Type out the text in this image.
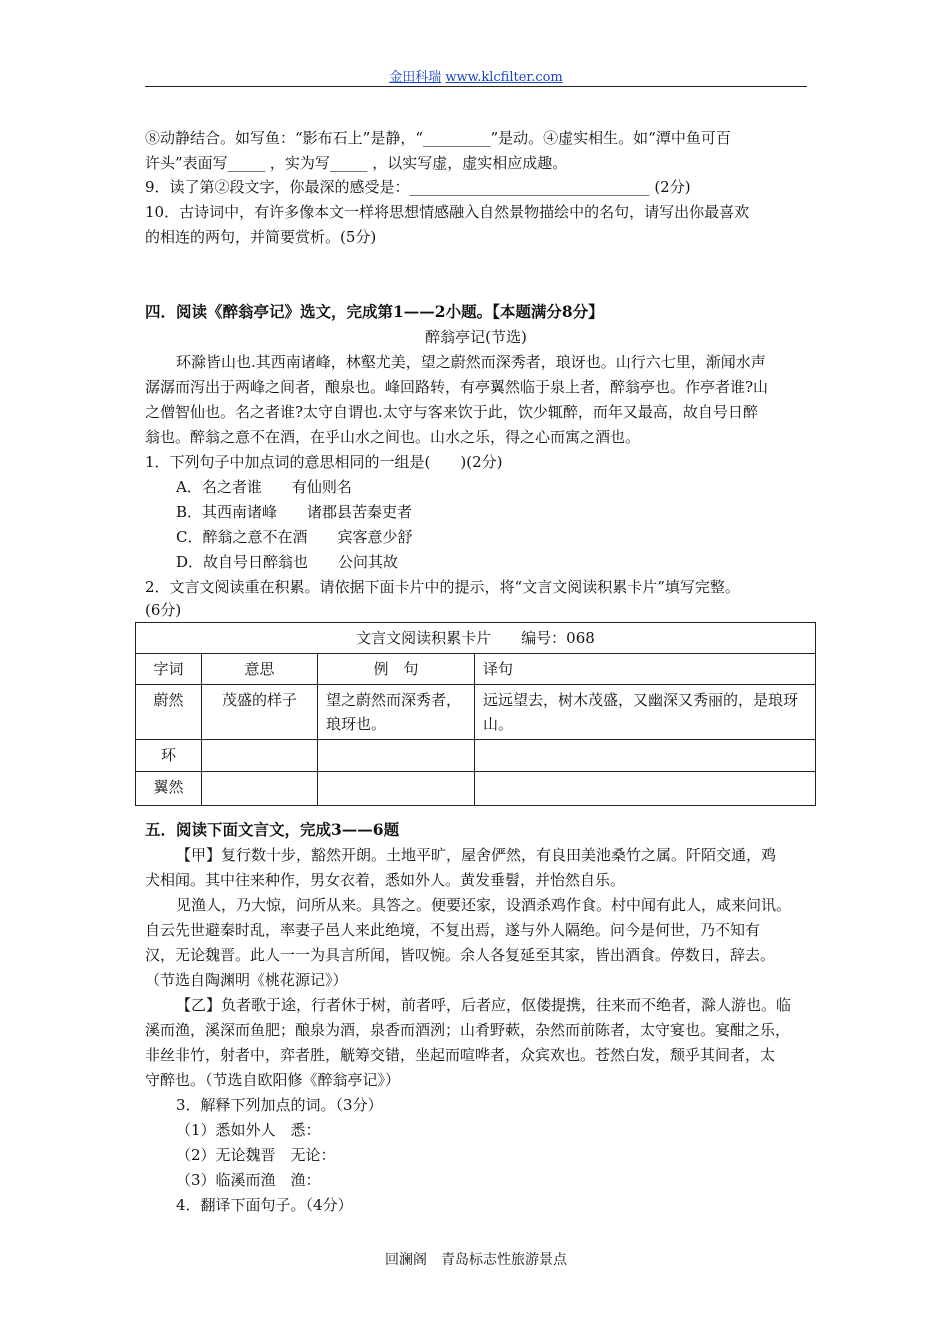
金田科瑞 www.klcfilter.com
⑧动静结合。如写鱼：“影布石上”是静，“_________”是动。④虚实相生。如“潭中鱼可百
许头”表面写_____ ，实为写_____ ，以实写虚，虚实相应成趣。
9．读了第②段文字，你最深的感受是：________________________________ (2分)
10．古诗词中，有许多像本文一样将思想情感融入自然景物描绘中的名句，请写出你最喜欢
的相连的两句，并简要赏析。(5分)
四．阅读《醉翁亭记》选文，完成第1——2小题。【本题满分8分】
醉翁亭记(节选)
环滁皆山也.其西南诸峰，林壑尤美，望之蔚然而深秀者，琅讶也。山行六七里，渐闻水声
潺潺而泻出于两峰之间者，酿泉也。峰回路转，有亭翼然临于泉上者，醉翁亭也。作亭者谁?山
之僧智仙也。名之者谁?太守自谓也.太守与客来饮于此，饮少辄醉，而年又最高，故自号日醉
翁也。醉翁之意不在酒，在乎山水之间也。山水之乐，得之心而寓之酒也。
1．下列句子中加点词的意思相同的一组是(　　)(2分)
A．名之者谁　　有仙则名
B．其西南诸峰　　诸郡县苦秦吏者
C．醉翁之意不在酒　　宾客意少舒
D．故自号日醉翁也　　公问其故
2．文言文阅读重在积累。请依据下面卡片中的提示，将“文言文阅读积累卡片”填写完整。
(6分)
文言文阅读积累卡片　　编号：068			
字词	意思	例　句	译句
蔚然	茂盛的样子	望之蔚然而深秀者，琅玡也。	远远望去，树木茂盛，又幽深又秀丽的，是琅玡山。
环			
翼然			
五．阅读下面文言文，完成3——6题
【甲】复行数十步，豁然开朗。土地平旷，屋舍俨然，有良田美池桑竹之属。阡陌交通，鸡
犬相闻。其中往来种作，男女衣着，悉如外人。黄发垂髫，并怡然自乐。
见渔人，乃大惊，问所从来。具答之。便要还家，设酒杀鸡作食。村中闻有此人，咸来问讯。
自云先世避秦时乱，率妻子邑人来此绝境，不复出焉，遂与外人隔绝。问今是何世，乃不知有
汉，无论魏晋。此人一一为具言所闻，皆叹惋。余人各复延至其家，皆出酒食。停数日，辞去。
（节选自陶渊明《桃花源记》）
【乙】负者歌于途，行者休于树，前者呼，后者应，伛偻提携，往来而不绝者，滁人游也。临
溪而渔，溪深而鱼肥；酿泉为酒，泉香而酒洌；山肴野蔌，杂然而前陈者，太守宴也。宴酣之乐，
非丝非竹，射者中，弈者胜，觥筹交错，坐起而喧哗者，众宾欢也。苍然白发，颓乎其间者，太
守醉也。（节选自欧阳修《醉翁亭记》）
3．解释下列加点的词。（3分）
（1）悉如外人　悉：
（2）无论魏晋　无论：
（3）临溪而渔　渔：
4．翻译下面句子。（4分）
回澜阁　青岛标志性旅游景点
